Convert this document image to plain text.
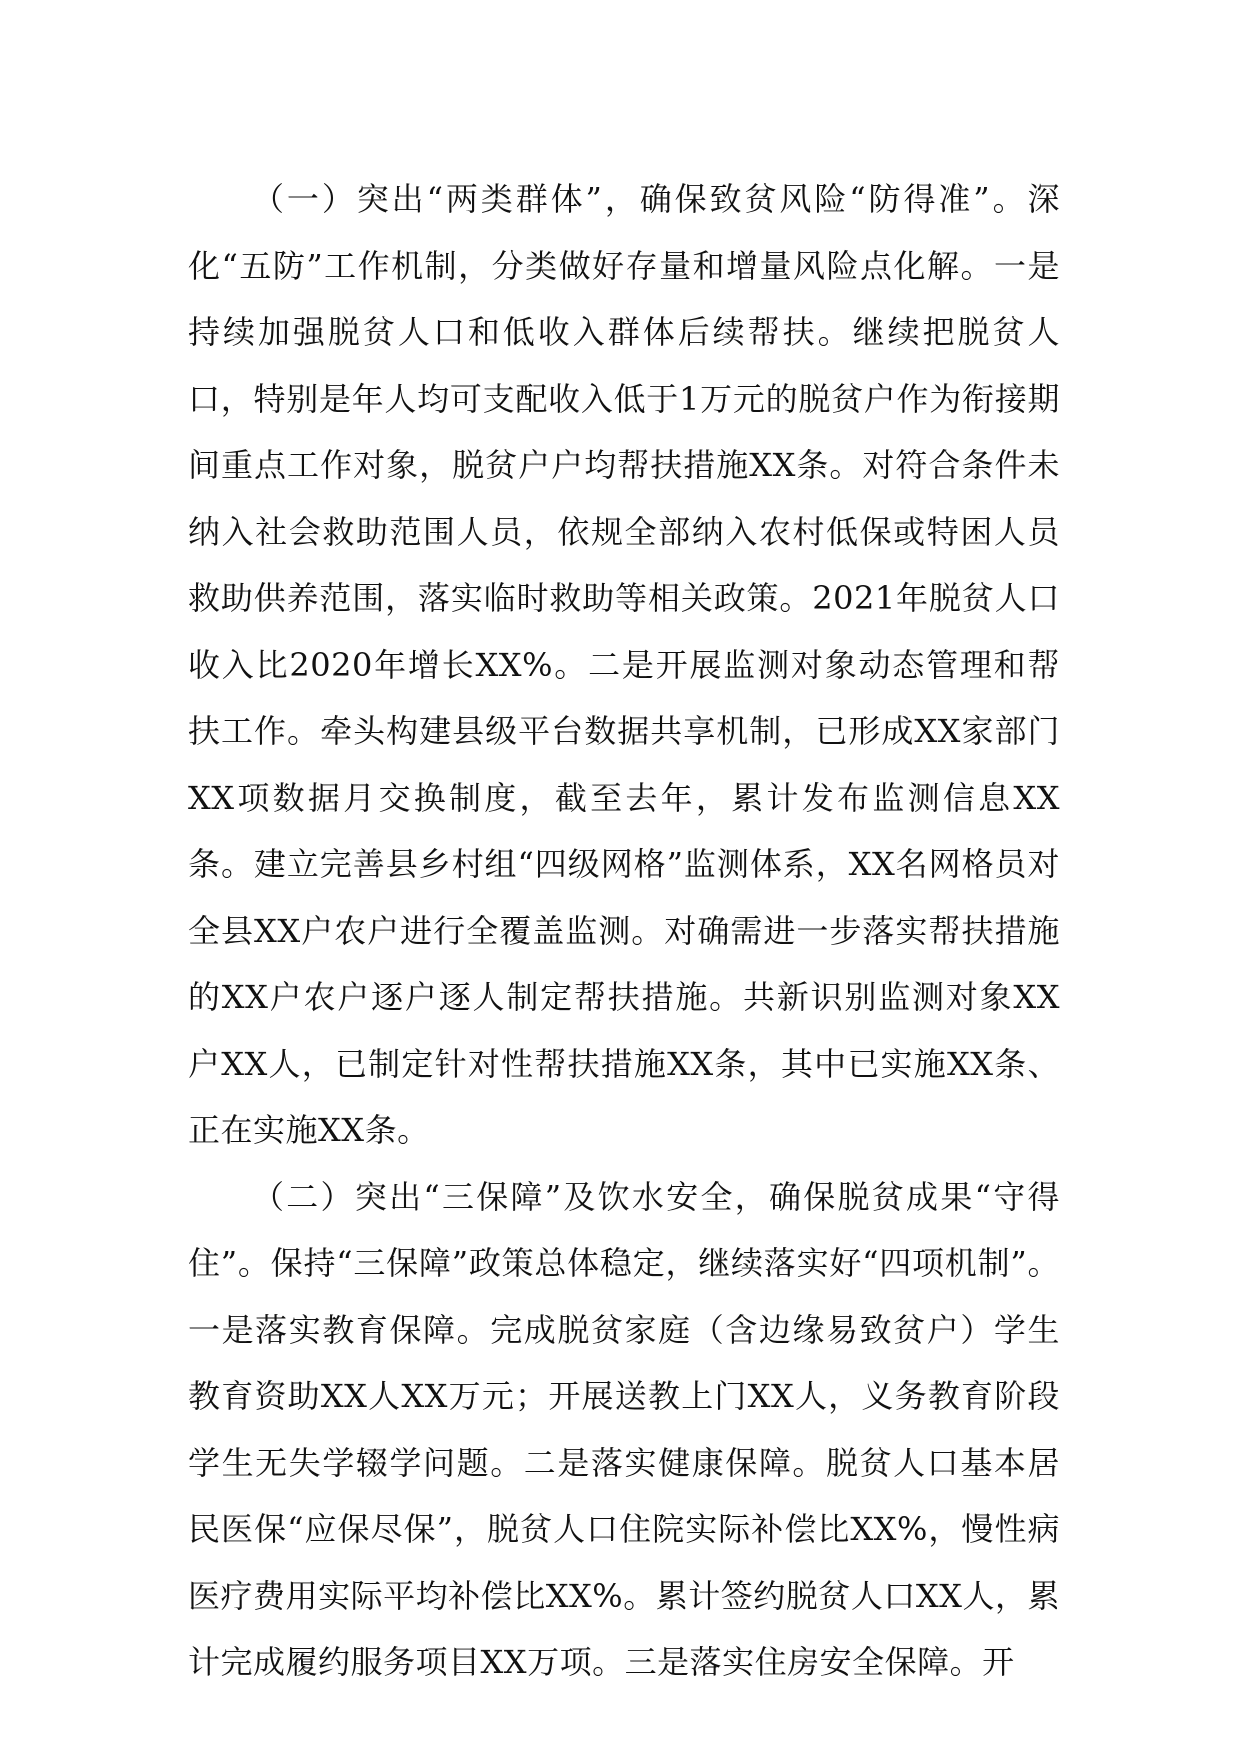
（一）突出“两类群体”，确保致贫风险“防得准”。深化“五防”工作机制，分类做好存量和增量风险点化解。一是持续加强脱贫人口和低收入群体后续帮扶。继续把脱贫人口，特别是年人均可支配收入低于1万元的脱贫户作为衔接期间重点工作对象，脱贫户户均帮扶措施XX条。对符合条件未纳入社会救助范围人员，依规全部纳入农村低保或特困人员救助供养范围，落实临时救助等相关政策。2021年脱贫人口收入比2020年增长XX%。二是开展监测对象动态管理和帮扶工作。牵头构建县级平台数据共享机制，已形成XX家部门XX项数据月交换制度，截至去年，累计发布监测信息XX条。建立完善县乡村组“四级网格”监测体系，XX名网格员对全县XX户农户进行全覆盖监测。对确需进一步落实帮扶措施的XX户农户逐户逐人制定帮扶措施。共新识别监测对象XX户XX人，已制定针对性帮扶措施XX条，其中已实施XX条、正在实施XX条。

（二）突出“三保障”及饮水安全，确保脱贫成果“守得住”。保持“三保障”政策总体稳定，继续落实好“四项机制”。一是落实教育保障。完成脱贫家庭（含边缘易致贫户）学生教育资助XX人XX万元；开展送教上门XX人，义务教育阶段学生无失学辍学问题。二是落实健康保障。脱贫人口基本居民医保“应保尽保”，脱贫人口住院实际补偿比XX%，慢性病医疗费用实际平均补偿比XX%。累计签约脱贫人口XX人，累计完成履约服务项目XX万项。三是落实住房安全保障。开
